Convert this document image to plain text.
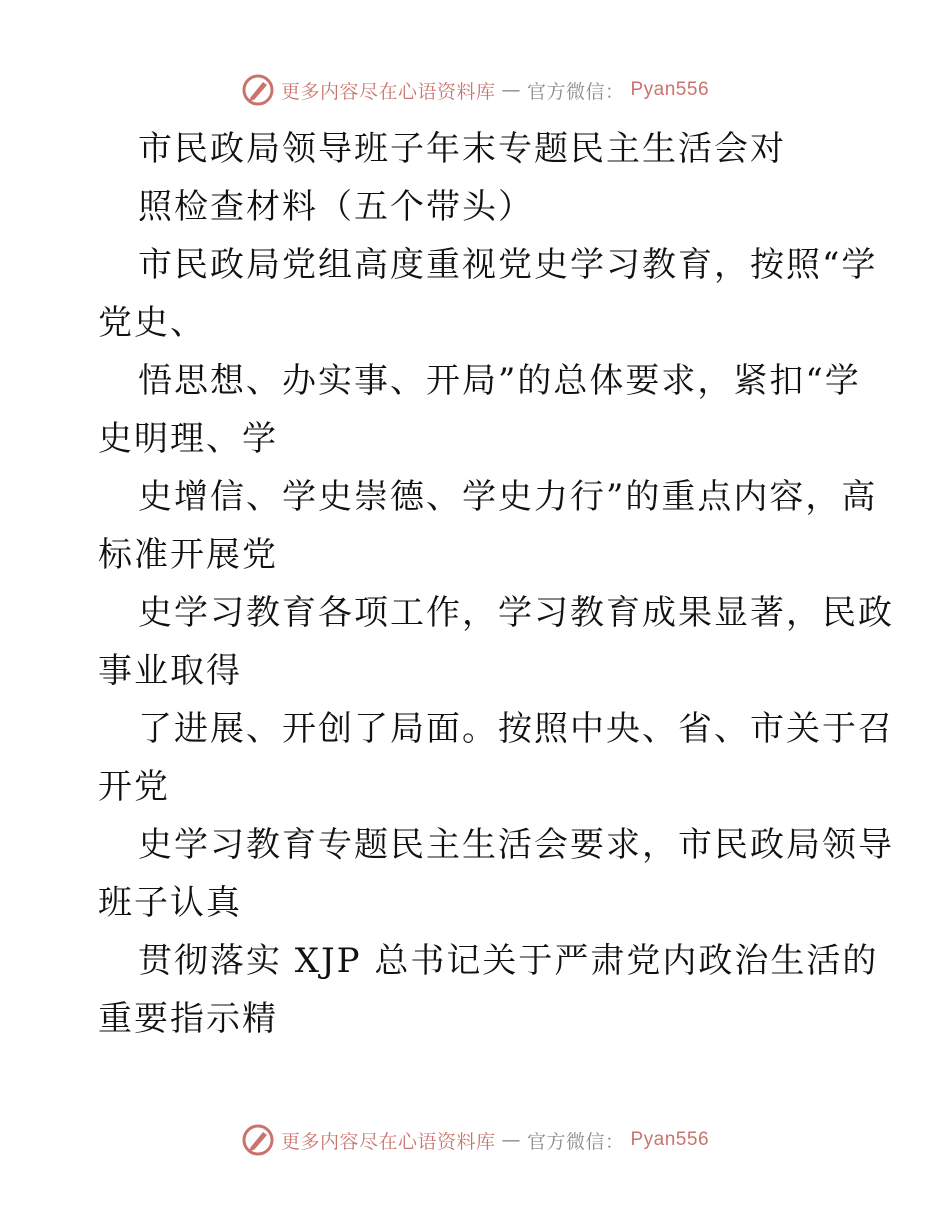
更多内容尽在心语资料库 — 官方微信： Pyan556
市民政局领导班子年末专题民主生活会对
照检查材料（五个带头）
市民政局党组高度重视党史学习教育，按照“学
党史、
悟思想、办实事、开局”的总体要求，紧扣“学
史明理、学
史增信、学史崇德、学史力行”的重点内容，高
标准开展党
史学习教育各项工作，学习教育成果显著，民政
事业取得
了进展、开创了局面。按照中央、省、市关于召
开党
史学习教育专题民主生活会要求，市民政局领导
班子认真
贯彻落实 XJP 总书记关于严肃党内政治生活的
重要指示精
更多内容尽在心语资料库 — 官方微信： Pyan556
